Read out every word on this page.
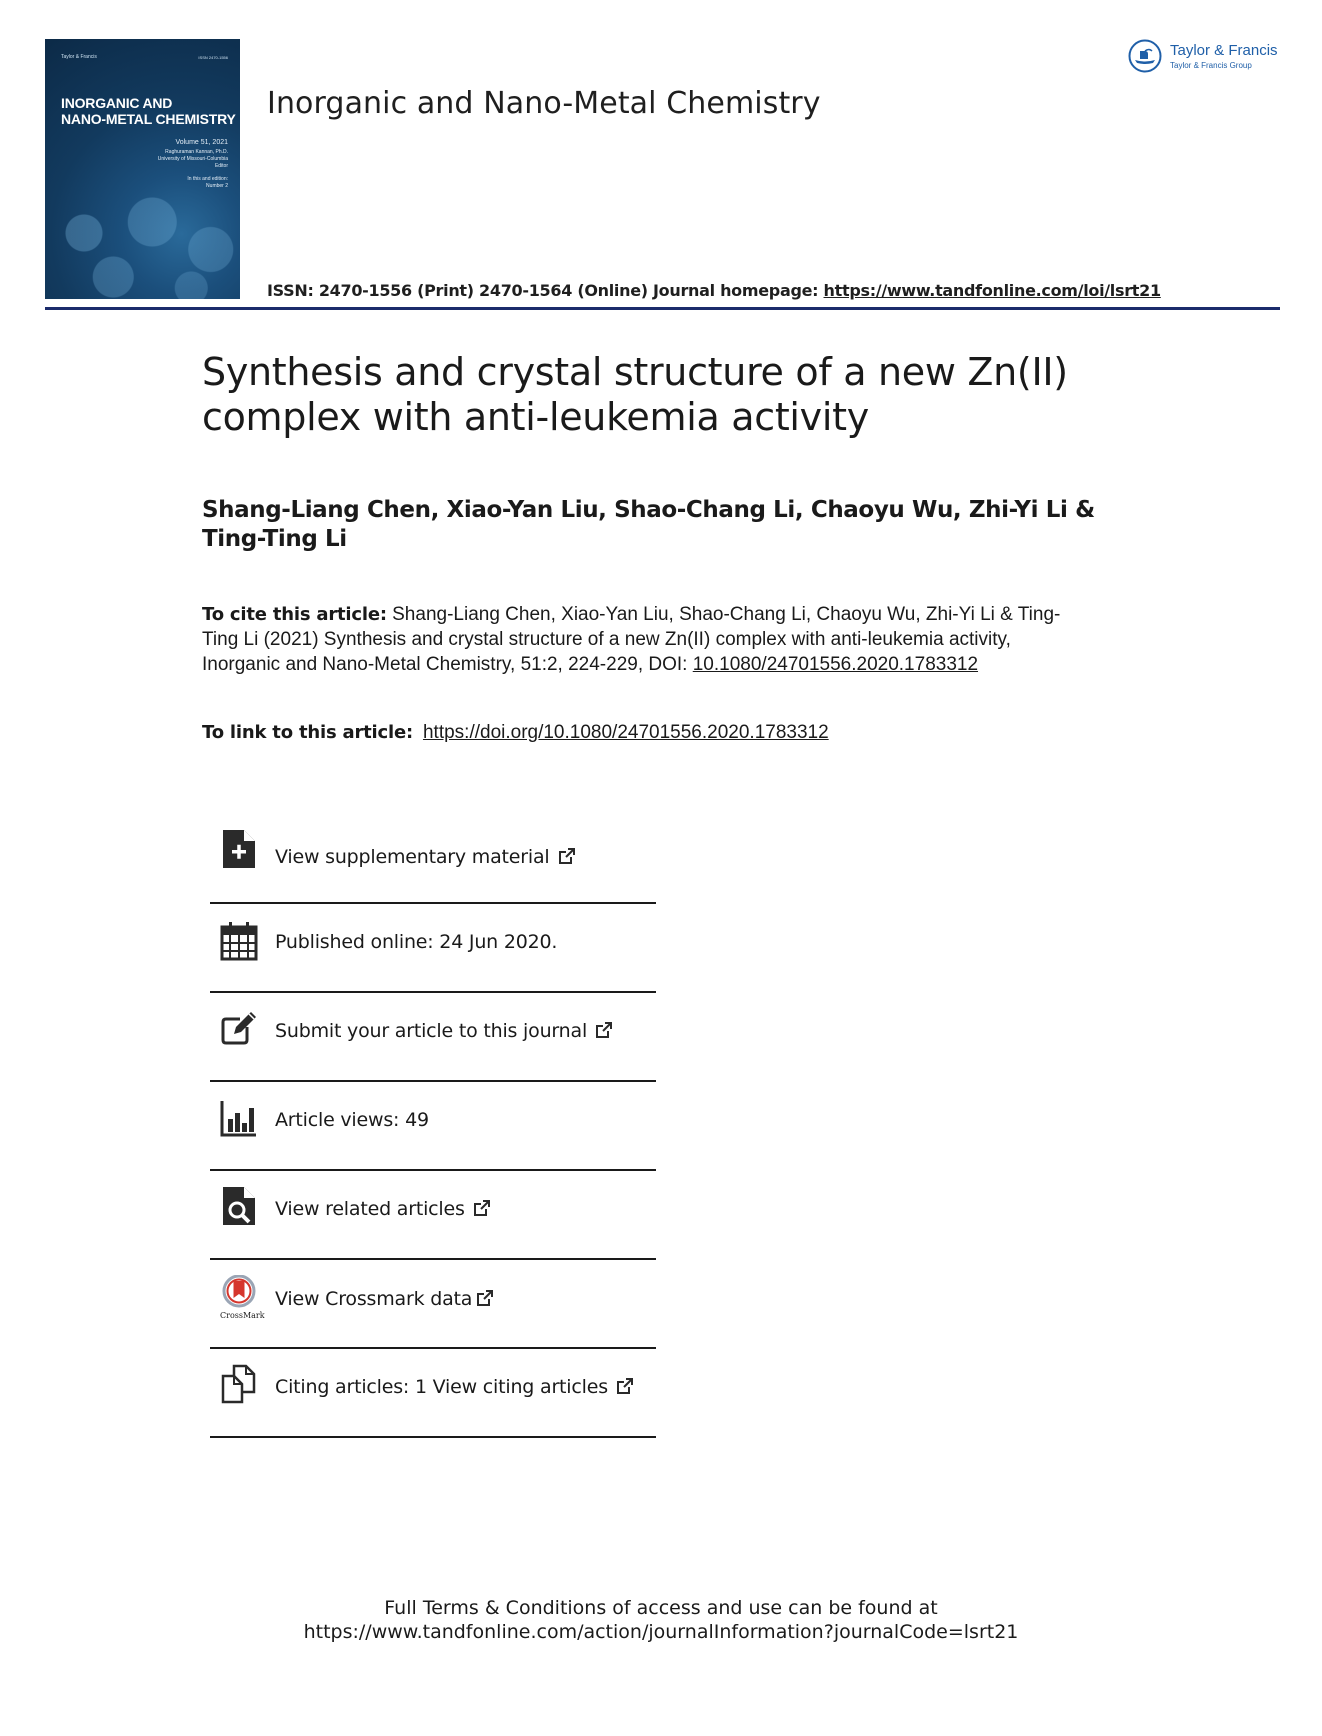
Taylor & Francis	ISSN 2470-1556
INORGANIC AND
NANO-METAL CHEMISTRY
Volume 51, 2021
Raghuraman Kannan, Ph.D.
University of Missouri-Columbia
Editor
In this and edition:
Number 2
Inorganic and Nano-Metal Chemistry
ISSN: 2470-1556 (Print) 2470-1564 (Online) Journal homepage: https://www.tandfonline.com/loi/lsrt21
Taylor & Francis
Taylor & Francis Group
Synthesis and crystal structure of a new Zn(II) complex with anti-leukemia activity
Shang-Liang Chen, Xiao-Yan Liu, Shao-Chang Li, Chaoyu Wu, Zhi-Yi Li & Ting-Ting Li
To cite this article: Shang-Liang Chen, Xiao-Yan Liu, Shao-Chang Li, Chaoyu Wu, Zhi-Yi Li & Ting-Ting Li (2021) Synthesis and crystal structure of a new Zn(II) complex with anti-leukemia activity, Inorganic and Nano-Metal Chemistry, 51:2, 224-229, DOI: 10.1080/24701556.2020.1783312
To link to this article: https://doi.org/10.1080/24701556.2020.1783312
View supplementary material
Published online: 24 Jun 2020.
Submit your article to this journal
Article views: 49
View related articles
CrossMark
View Crossmark data
Citing articles: 1 View citing articles
Full Terms & Conditions of access and use can be found at
https://www.tandfonline.com/action/journalInformation?journalCode=lsrt21
